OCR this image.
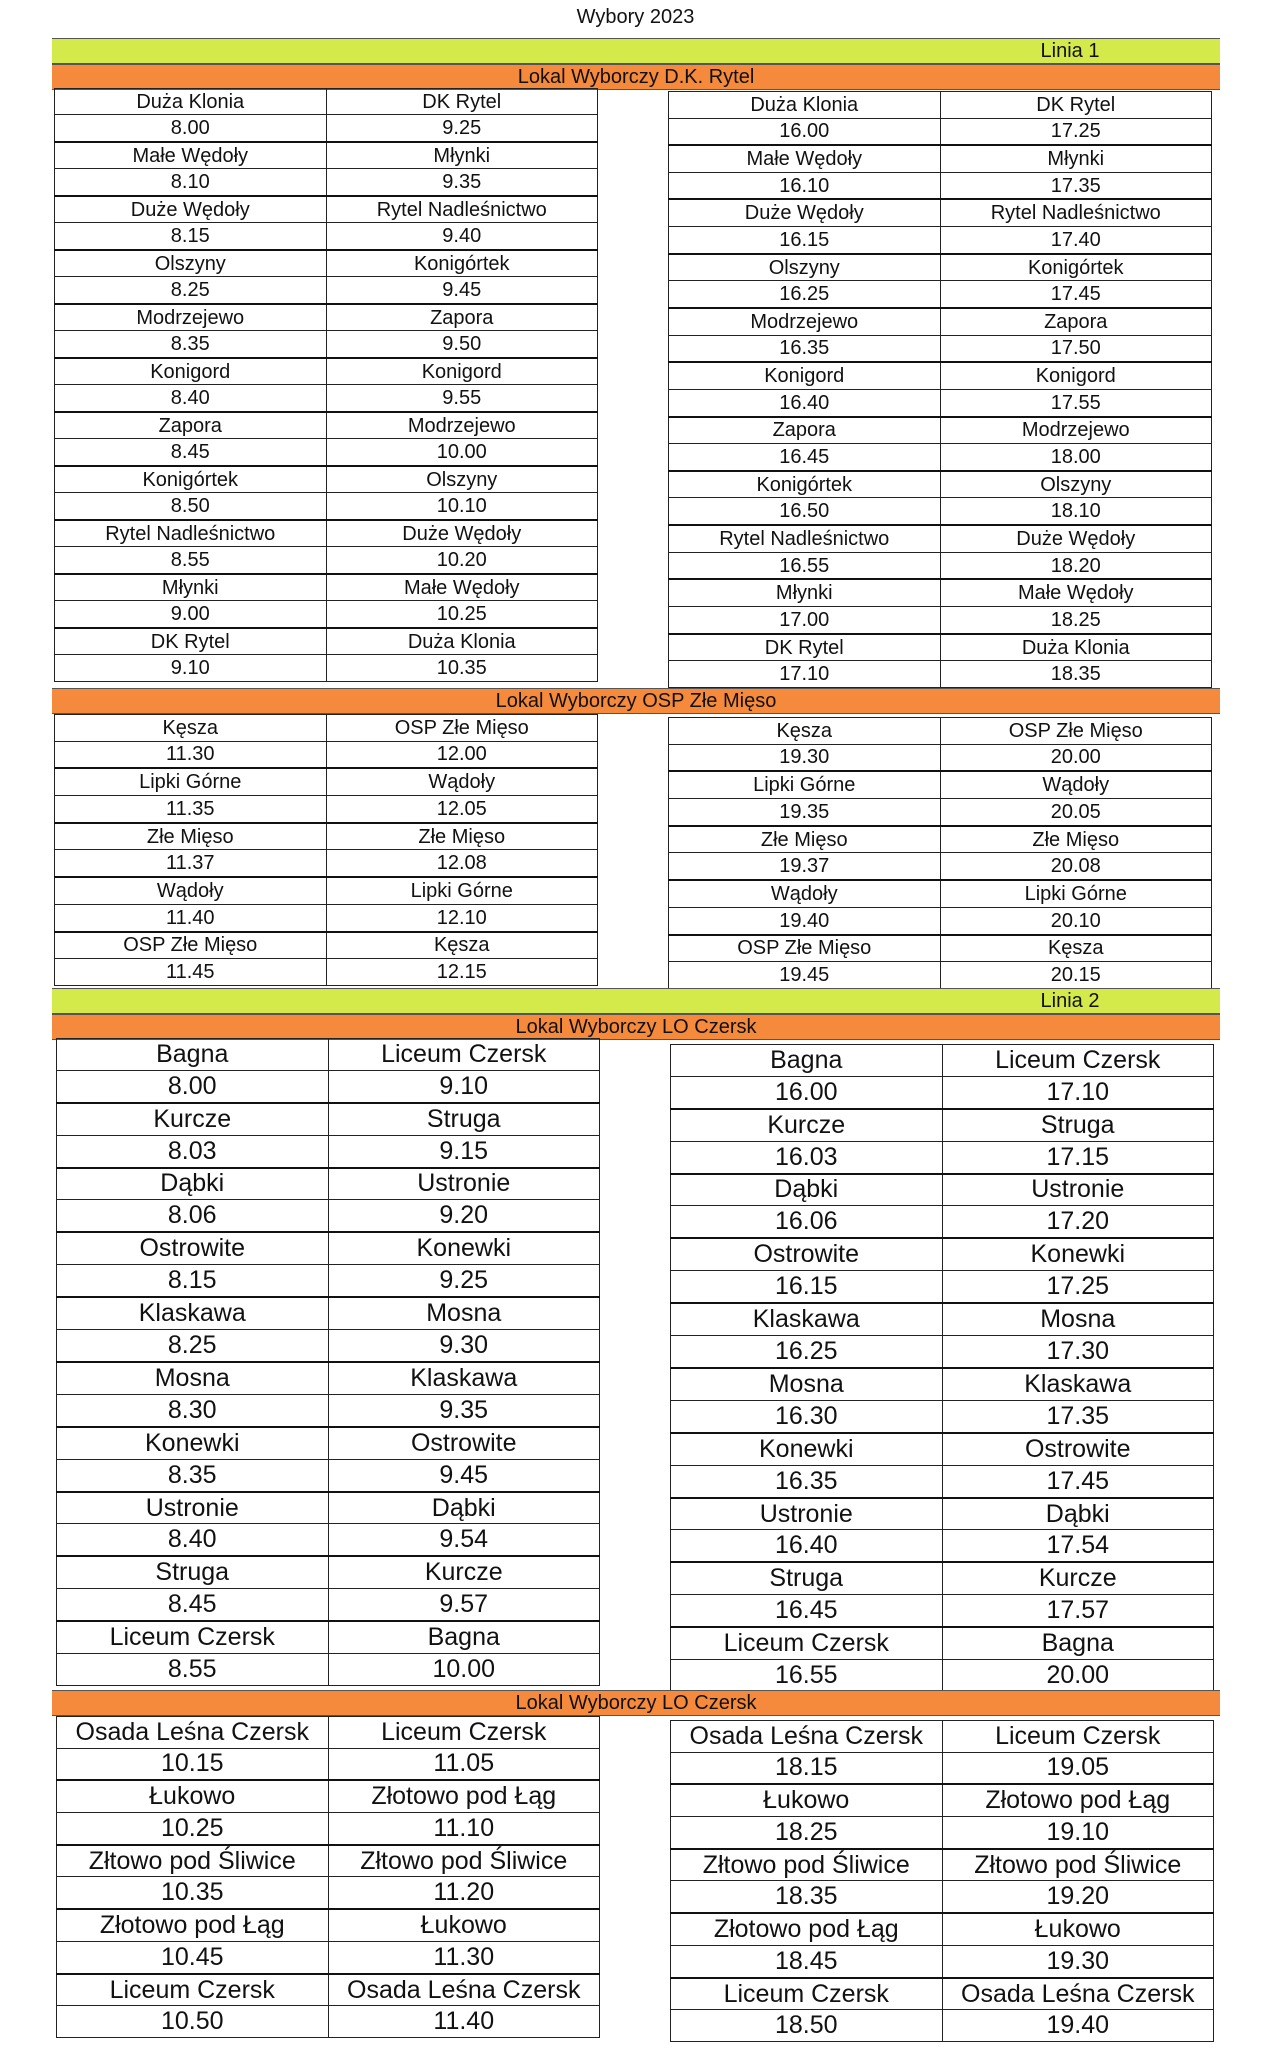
Wybory 2023
Linia 1
Lokal Wyborczy D.K. Rytel
Duża Klonia	DK Rytel
8.00	9.25
Małe Wędoły	Młynki
8.10	9.35
Duże Wędoły	Rytel Nadleśnictwo
8.15	9.40
Olszyny	Konigórtek
8.25	9.45
Modrzejewo	Zapora
8.35	9.50
Konigord	Konigord
8.40	9.55
Zapora	Modrzejewo
8.45	10.00
Konigórtek	Olszyny
8.50	10.10
Rytel Nadleśnictwo	Duże Wędoły
8.55	10.20
Młynki	Małe Wędoły
9.00	10.25
DK Rytel	Duża Klonia
9.10	10.35
Duża Klonia	DK Rytel
16.00	17.25
Małe Wędoły	Młynki
16.10	17.35
Duże Wędoły	Rytel Nadleśnictwo
16.15	17.40
Olszyny	Konigórtek
16.25	17.45
Modrzejewo	Zapora
16.35	17.50
Konigord	Konigord
16.40	17.55
Zapora	Modrzejewo
16.45	18.00
Konigórtek	Olszyny
16.50	18.10
Rytel Nadleśnictwo	Duże Wędoły
16.55	18.20
Młynki	Małe Wędoły
17.00	18.25
DK Rytel	Duża Klonia
17.10	18.35
Lokal Wyborczy OSP Złe Mięso
Kęsza	OSP Złe Mięso
11.30	12.00
Lipki Górne	Wądoły
11.35	12.05
Złe Mięso	Złe Mięso
11.37	12.08
Wądoły	Lipki Górne
11.40	12.10
OSP Złe Mięso	Kęsza
11.45	12.15
Kęsza	OSP Złe Mięso
19.30	20.00
Lipki Górne	Wądoły
19.35	20.05
Złe Mięso	Złe Mięso
19.37	20.08
Wądoły	Lipki Górne
19.40	20.10
OSP Złe Mięso	Kęsza
19.45	20.15
Linia 2
Lokal Wyborczy LO Czersk
Bagna	Liceum Czersk
8.00	9.10
Kurcze	Struga
8.03	9.15
Dąbki	Ustronie
8.06	9.20
Ostrowite	Konewki
8.15	9.25
Klaskawa	Mosna
8.25	9.30
Mosna	Klaskawa
8.30	9.35
Konewki	Ostrowite
8.35	9.45
Ustronie	Dąbki
8.40	9.54
Struga	Kurcze
8.45	9.57
Liceum Czersk	Bagna
8.55	10.00
Bagna	Liceum Czersk
16.00	17.10
Kurcze	Struga
16.03	17.15
Dąbki	Ustronie
16.06	17.20
Ostrowite	Konewki
16.15	17.25
Klaskawa	Mosna
16.25	17.30
Mosna	Klaskawa
16.30	17.35
Konewki	Ostrowite
16.35	17.45
Ustronie	Dąbki
16.40	17.54
Struga	Kurcze
16.45	17.57
Liceum Czersk	Bagna
16.55	20.00
Lokal Wyborczy LO Czersk
Osada Leśna Czersk	Liceum Czersk
10.15	11.05
Łukowo	Złotowo pod Łąg
10.25	11.10
Złtowo pod Śliwice	Złtowo pod Śliwice
10.35	11.20
Złotowo pod Łąg	Łukowo
10.45	11.30
Liceum Czersk	Osada Leśna Czersk
10.50	11.40
Osada Leśna Czersk	Liceum Czersk
18.15	19.05
Łukowo	Złotowo pod Łąg
18.25	19.10
Złtowo pod Śliwice	Złtowo pod Śliwice
18.35	19.20
Złotowo pod Łąg	Łukowo
18.45	19.30
Liceum Czersk	Osada Leśna Czersk
18.50	19.40
